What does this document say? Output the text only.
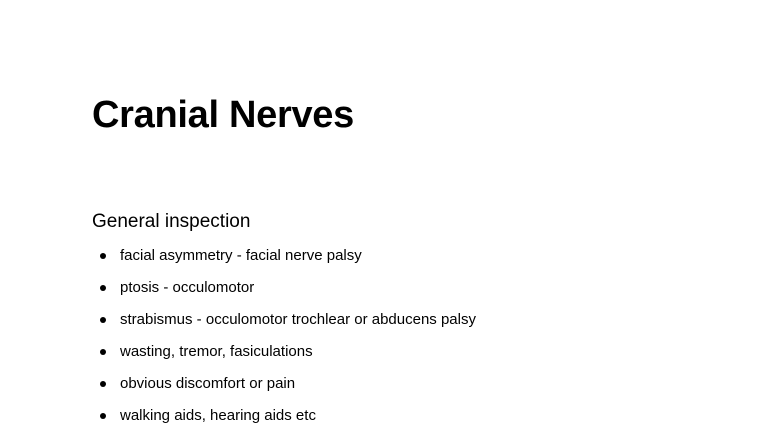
Cranial Nerves
General inspection
facial asymmetry - facial nerve palsy
ptosis - occulomotor
strabismus - occulomotor trochlear or abducens palsy
wasting, tremor, fasiculations
obvious discomfort or pain
walking aids, hearing aids etc
